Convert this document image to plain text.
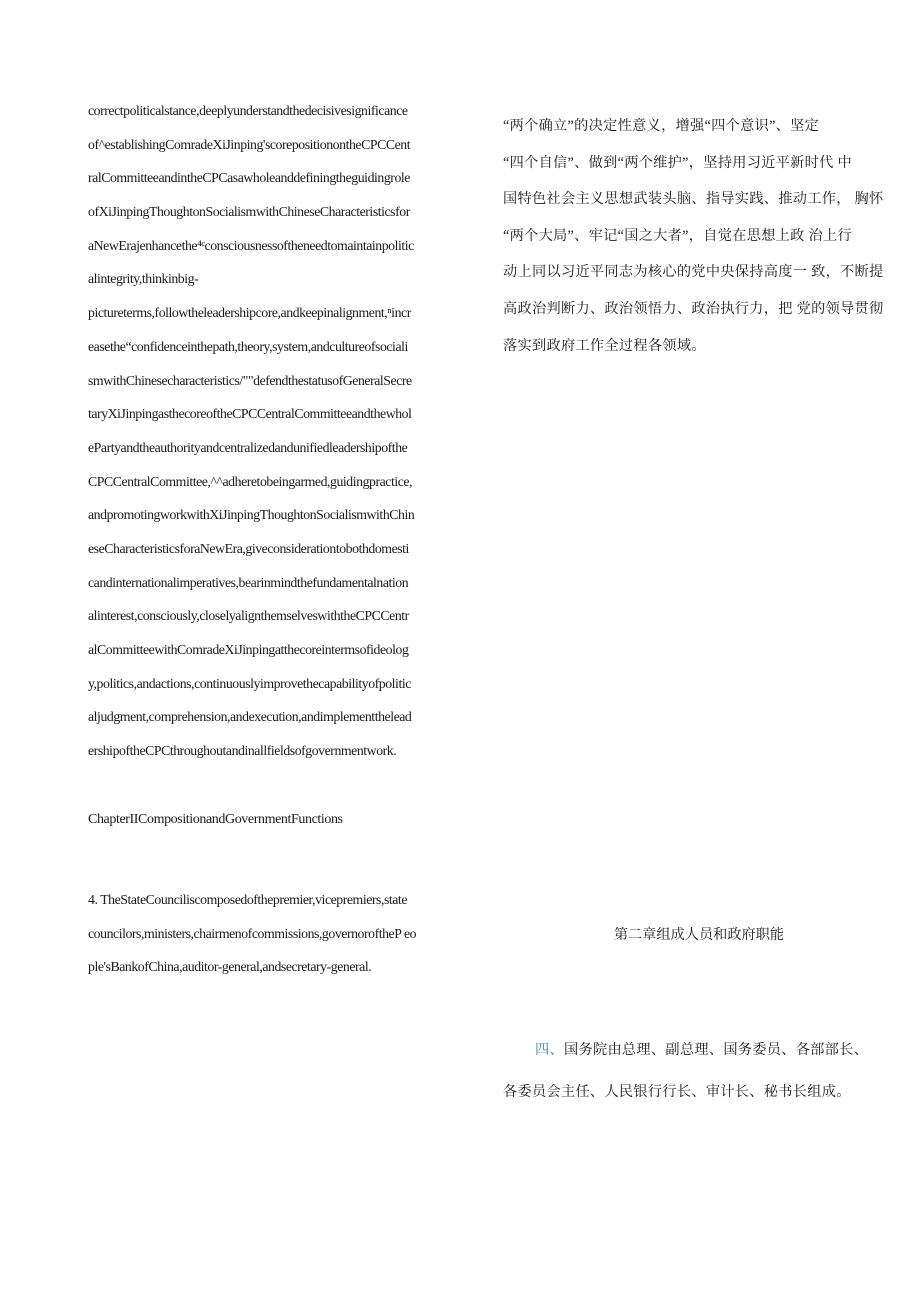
correctpoliticalstance,deeplyunderstandthedecisivesignificance
of^establishingComradeXiJinping'scorepositionontheCPCCent
ralCommitteeandintheCPCasawholeanddefiningtheguidingrole
ofXiJinpingThoughtonSocialismwithChineseCharacteristicsfor
aNewErajenhancethe⁴ᶜconsciousnessoftheneedtomaintainpolitic
alintegrity,thinkinbig-
pictureterms,followtheleadershipcore,andkeepinalignment,ⁿincr
easethe“confidenceinthepath,theory,system,andcultureofsociali
smwithChinesecharacteristics/""defendthestatusofGeneralSecre
taryXiJinpingasthecoreoftheCPCCentralCommitteeandthewhol
ePartyandtheauthorityandcentralizedandunifiedleadershipofthe
CPCCentralCommittee,^^adheretobeingarmed,guidingpractice,
andpromotingworkwithXiJinpingThoughtonSocialismwithChin
eseCharacteristicsforaNewEra,giveconsiderationtobothdomesti
candinternationalimperatives,bearinmindthefundamentalnation
alinterest,consciously,closelyalignthemselveswiththeCPCCentr
alCommitteewithComradeXiJinpingatthecoreintermsofideolog
y,politics,andactions,continuouslyimprovethecapabilityofpolitic
aljudgment,comprehension,andexecution,andimplementthelead
ershipoftheCPCthroughoutandinallfieldsofgovernmentwork.
ChapterIICompositionandGovernmentFunctions
4. TheStateCounciliscomposedofthepremier,vicepremiers,state
councilors,ministers,chairmenofcommissions,governoroftheP eo
ple'sBankofChina,auditor-general,andsecretary-general.
“两个确立”的决定性意义，增强“四个意识”、坚定
“四个自信”、做到“两个维护”，坚持用习近平新时代 中
国特色社会主义思想武装头脑、指导实践、推动工作， 胸怀
“两个大局”、牢记“国之大者”，自觉在思想上政 治上行
动上同以习近平同志为核心的党中央保持高度一 致，不断提
高政治判断力、政治领悟力、政治执行力，把 党的领导贯彻
落实到政府工作全过程各领域。
第二章组成人员和政府职能
四、国务院由总理、副总理、国务委员、各部部长、
各委员会主任、人民银行行长、审计长、秘书长组成。
